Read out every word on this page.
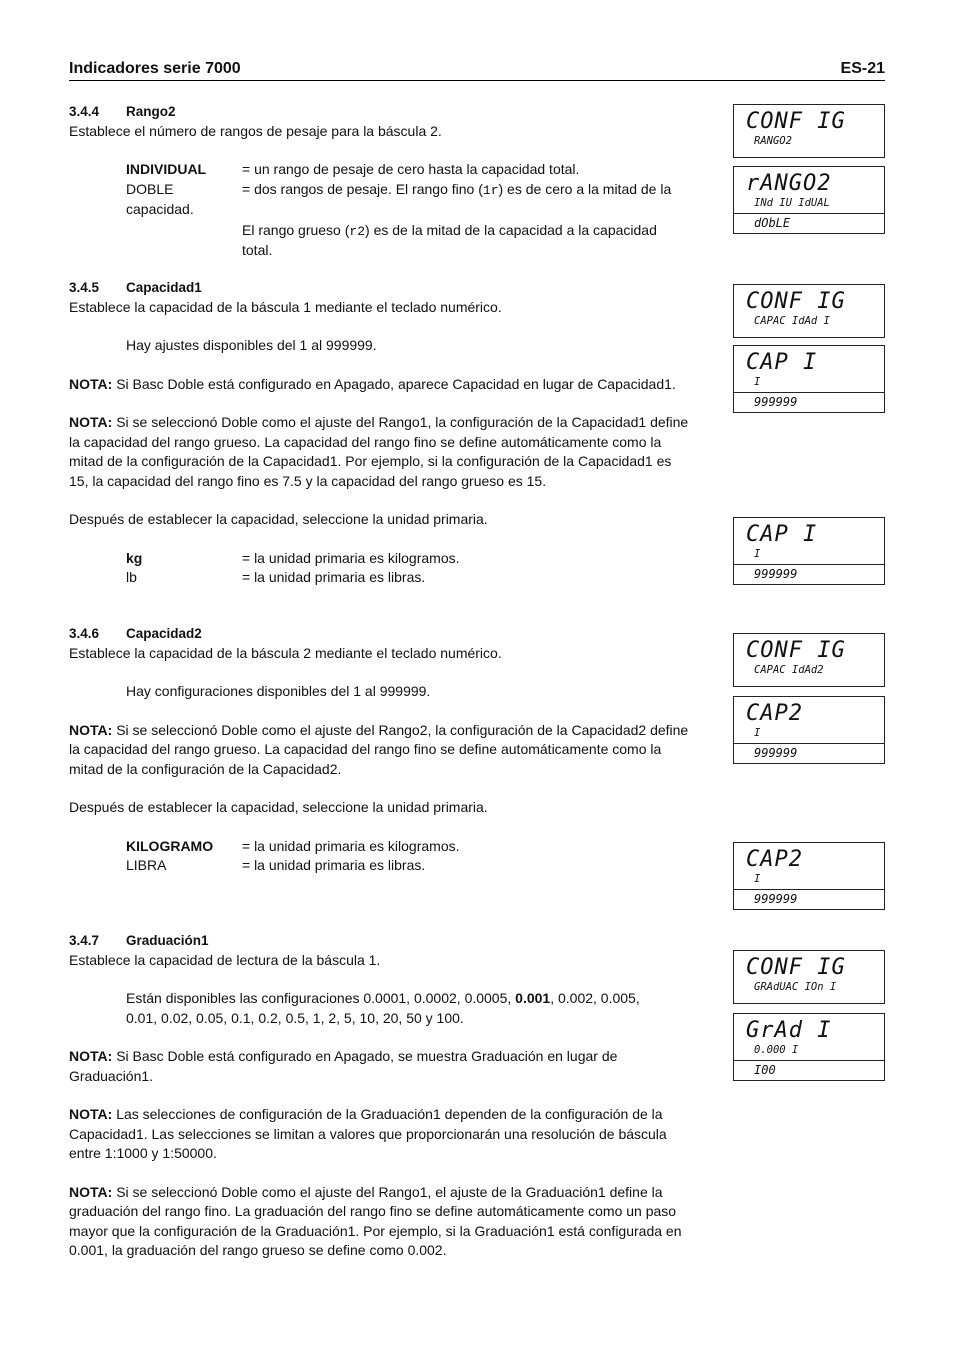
Indicadores serie 7000	ES-21
3.4.4 Rango2
Establece el número de rangos de pesaje para la báscula 2.
INDIVIDUAL	= un rango de pesaje de cero hasta la capacidad total.
DOBLE	= dos rangos de pesaje. El rango fino (1r) es de cero a la mitad de la
capacidad.
El rango grueso (r2) es de la mitad de la capacidad a la capacidad
total.
3.4.5 Capacidad1
Establece la capacidad de la báscula 1 mediante el teclado numérico.
Hay ajustes disponibles del 1 al 999999.
NOTA: Si Basc Doble está configurado en Apagado, aparece Capacidad en lugar de Capacidad1.
NOTA: Si se seleccionó Doble como el ajuste del Rango1, la configuración de la Capacidad1 define
la capacidad del rango grueso. La capacidad del rango fino se define automáticamente como la
mitad de la configuración de la Capacidad1. Por ejemplo, si la configuración de la Capacidad1 es
15, la capacidad del rango fino es 7.5 y la capacidad del rango grueso es 15.
Después de establecer la capacidad, seleccione la unidad primaria.
kg	= la unidad primaria es kilogramos.
lb	= la unidad primaria es libras.
3.4.6 Capacidad2
Establece la capacidad de la báscula 2 mediante el teclado numérico.
Hay configuraciones disponibles del 1 al 999999.
NOTA: Si se seleccionó Doble como el ajuste del Rango2, la configuración de la Capacidad2 define
la capacidad del rango grueso. La capacidad del rango fino se define automáticamente como la
mitad de la configuración de la Capacidad2.
Después de establecer la capacidad, seleccione la unidad primaria.
KILOGRAMO = la unidad primaria es kilogramos.
LIBRA	= la unidad primaria es libras.
3.4.7 Graduación1
Establece la capacidad de lectura de la báscula 1.
Están disponibles las configuraciones 0.0001, 0.0002, 0.0005, 0.001, 0.002, 0.005,
0.01, 0.02, 0.05, 0.1, 0.2, 0.5, 1, 2, 5, 10, 20, 50 y 100.
NOTA: Si Basc Doble está configurado en Apagado, se muestra Graduación en lugar de
Graduación1.
NOTA: Las selecciones de configuración de la Graduación1 dependen de la configuración de la
Capacidad1. Las selecciones se limitan a valores que proporcionarán una resolución de báscula
entre 1:1000 y 1:50000.
NOTA: Si se seleccionó Doble como el ajuste del Rango1, el ajuste de la Graduación1 define la
graduación del rango fino. La graduación del rango fino se define automáticamente como un paso
mayor que la configuración de la Graduación1. Por ejemplo, si la Graduación1 está configurada en
0.001, la graduación del rango grueso se define como 0.002.
CONF IG
RANGO2
rANGO2
INd IU IdUAL
dObLE
CONF IG
CAPAC IdAd I
CAP I
I
999999
CAP I
I
999999
CONF IG
CAPAC IdAd2
CAP2
I
999999
CAP2
I
999999
CONF IG
GRAdUAC IOn I
GrAd I
0.000 I
I00
